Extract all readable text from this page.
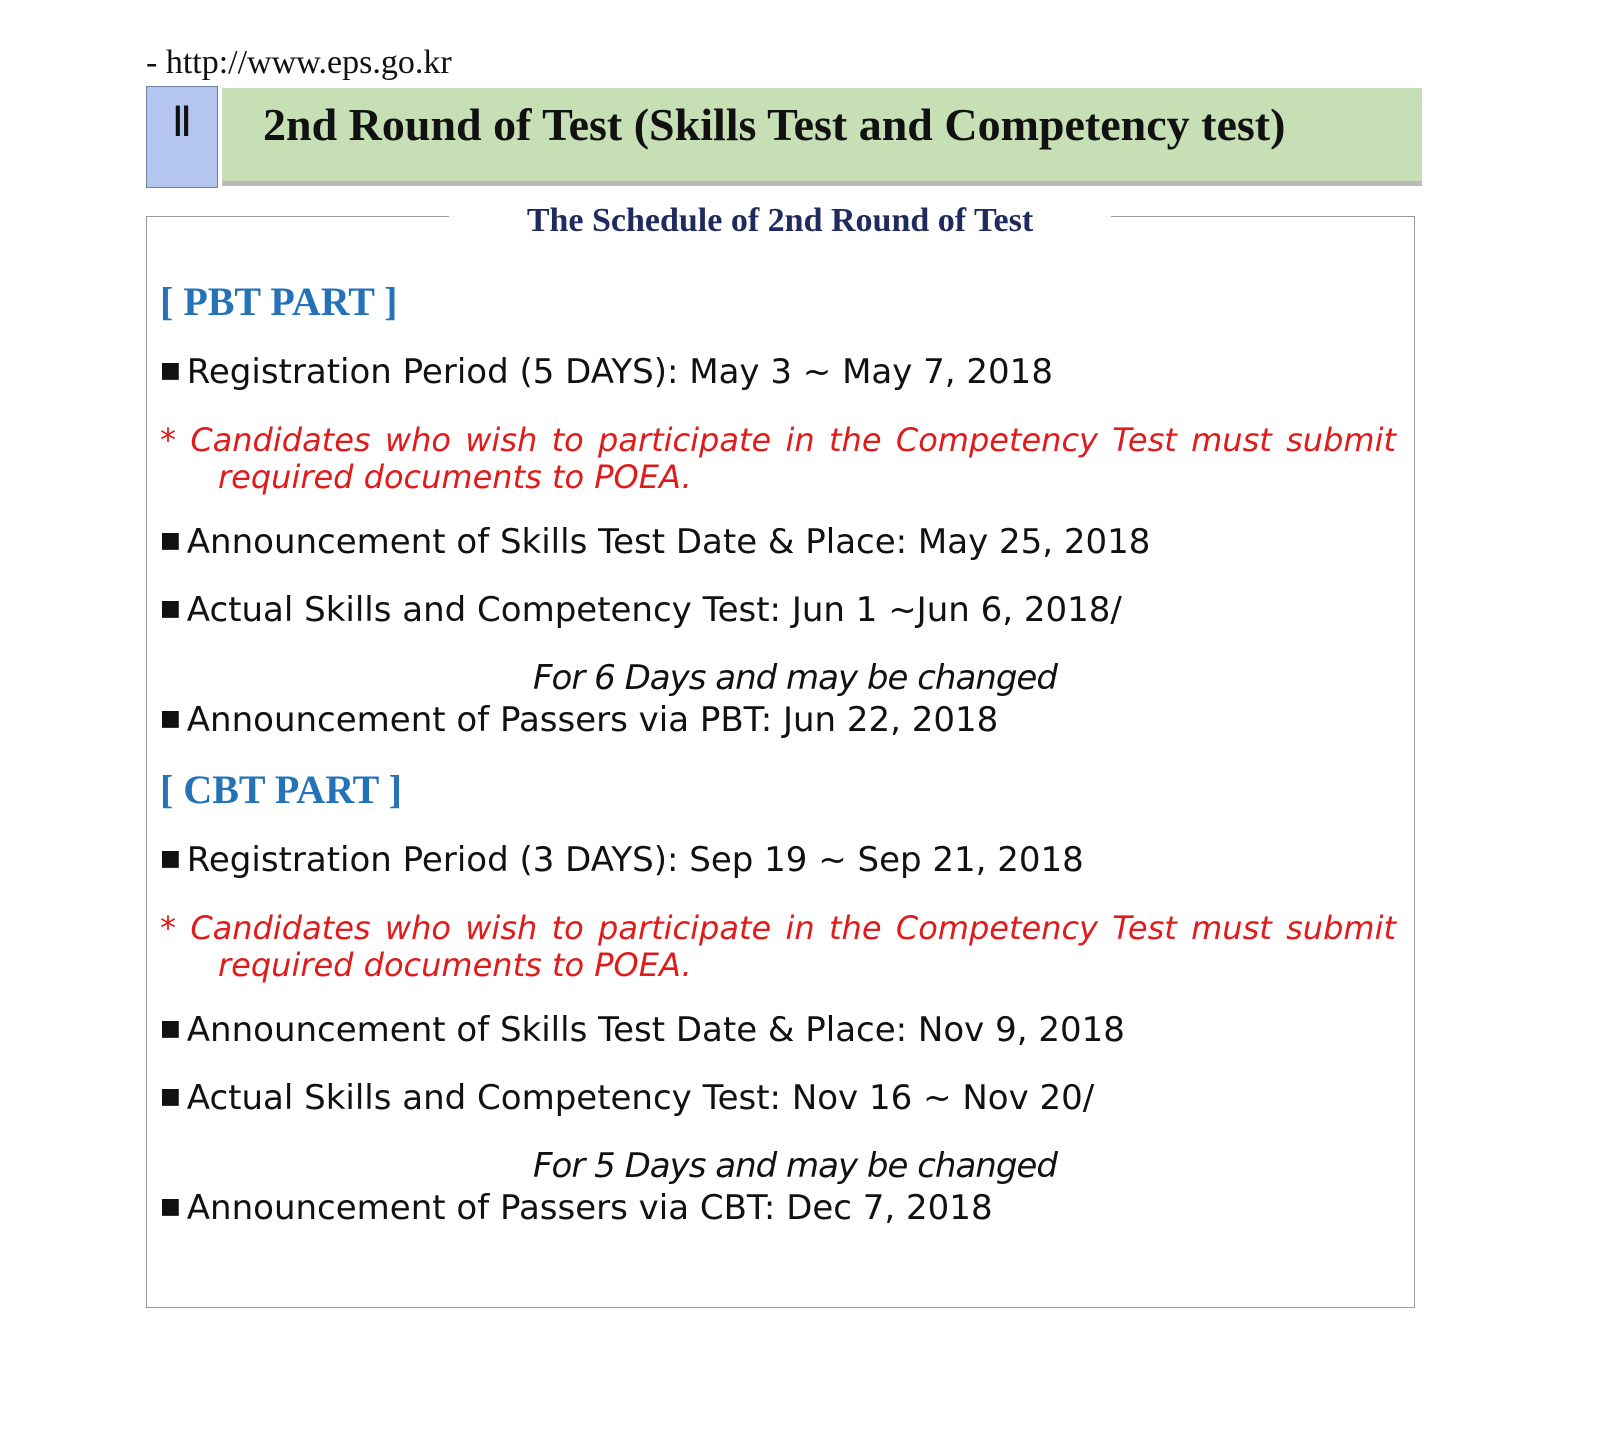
- http://www.eps.go.kr
Ⅱ	2nd Round of Test (Skills Test and Competency test)
The Schedule of 2nd Round of Test
[ PBT PART ]
■ Registration Period (5 DAYS): May 3 ~ May 7, 2018
* Candidates who wish to participate in the Competency Test must submit
required documents to POEA.
■ Announcement of Skills Test Date & Place: May 25, 2018
■ Actual Skills and Competency Test: Jun 1 ~Jun 6, 2018/
For 6 Days and may be changed
■ Announcement of Passers via PBT: Jun 22, 2018
[ CBT PART ]
■ Registration Period (3 DAYS): Sep 19 ~ Sep 21, 2018
* Candidates who wish to participate in the Competency Test must submit
required documents to POEA.
■ Announcement of Skills Test Date & Place: Nov 9, 2018
■ Actual Skills and Competency Test: Nov 16 ~ Nov 20/
For 5 Days and may be changed
■ Announcement of Passers via CBT: Dec 7, 2018
